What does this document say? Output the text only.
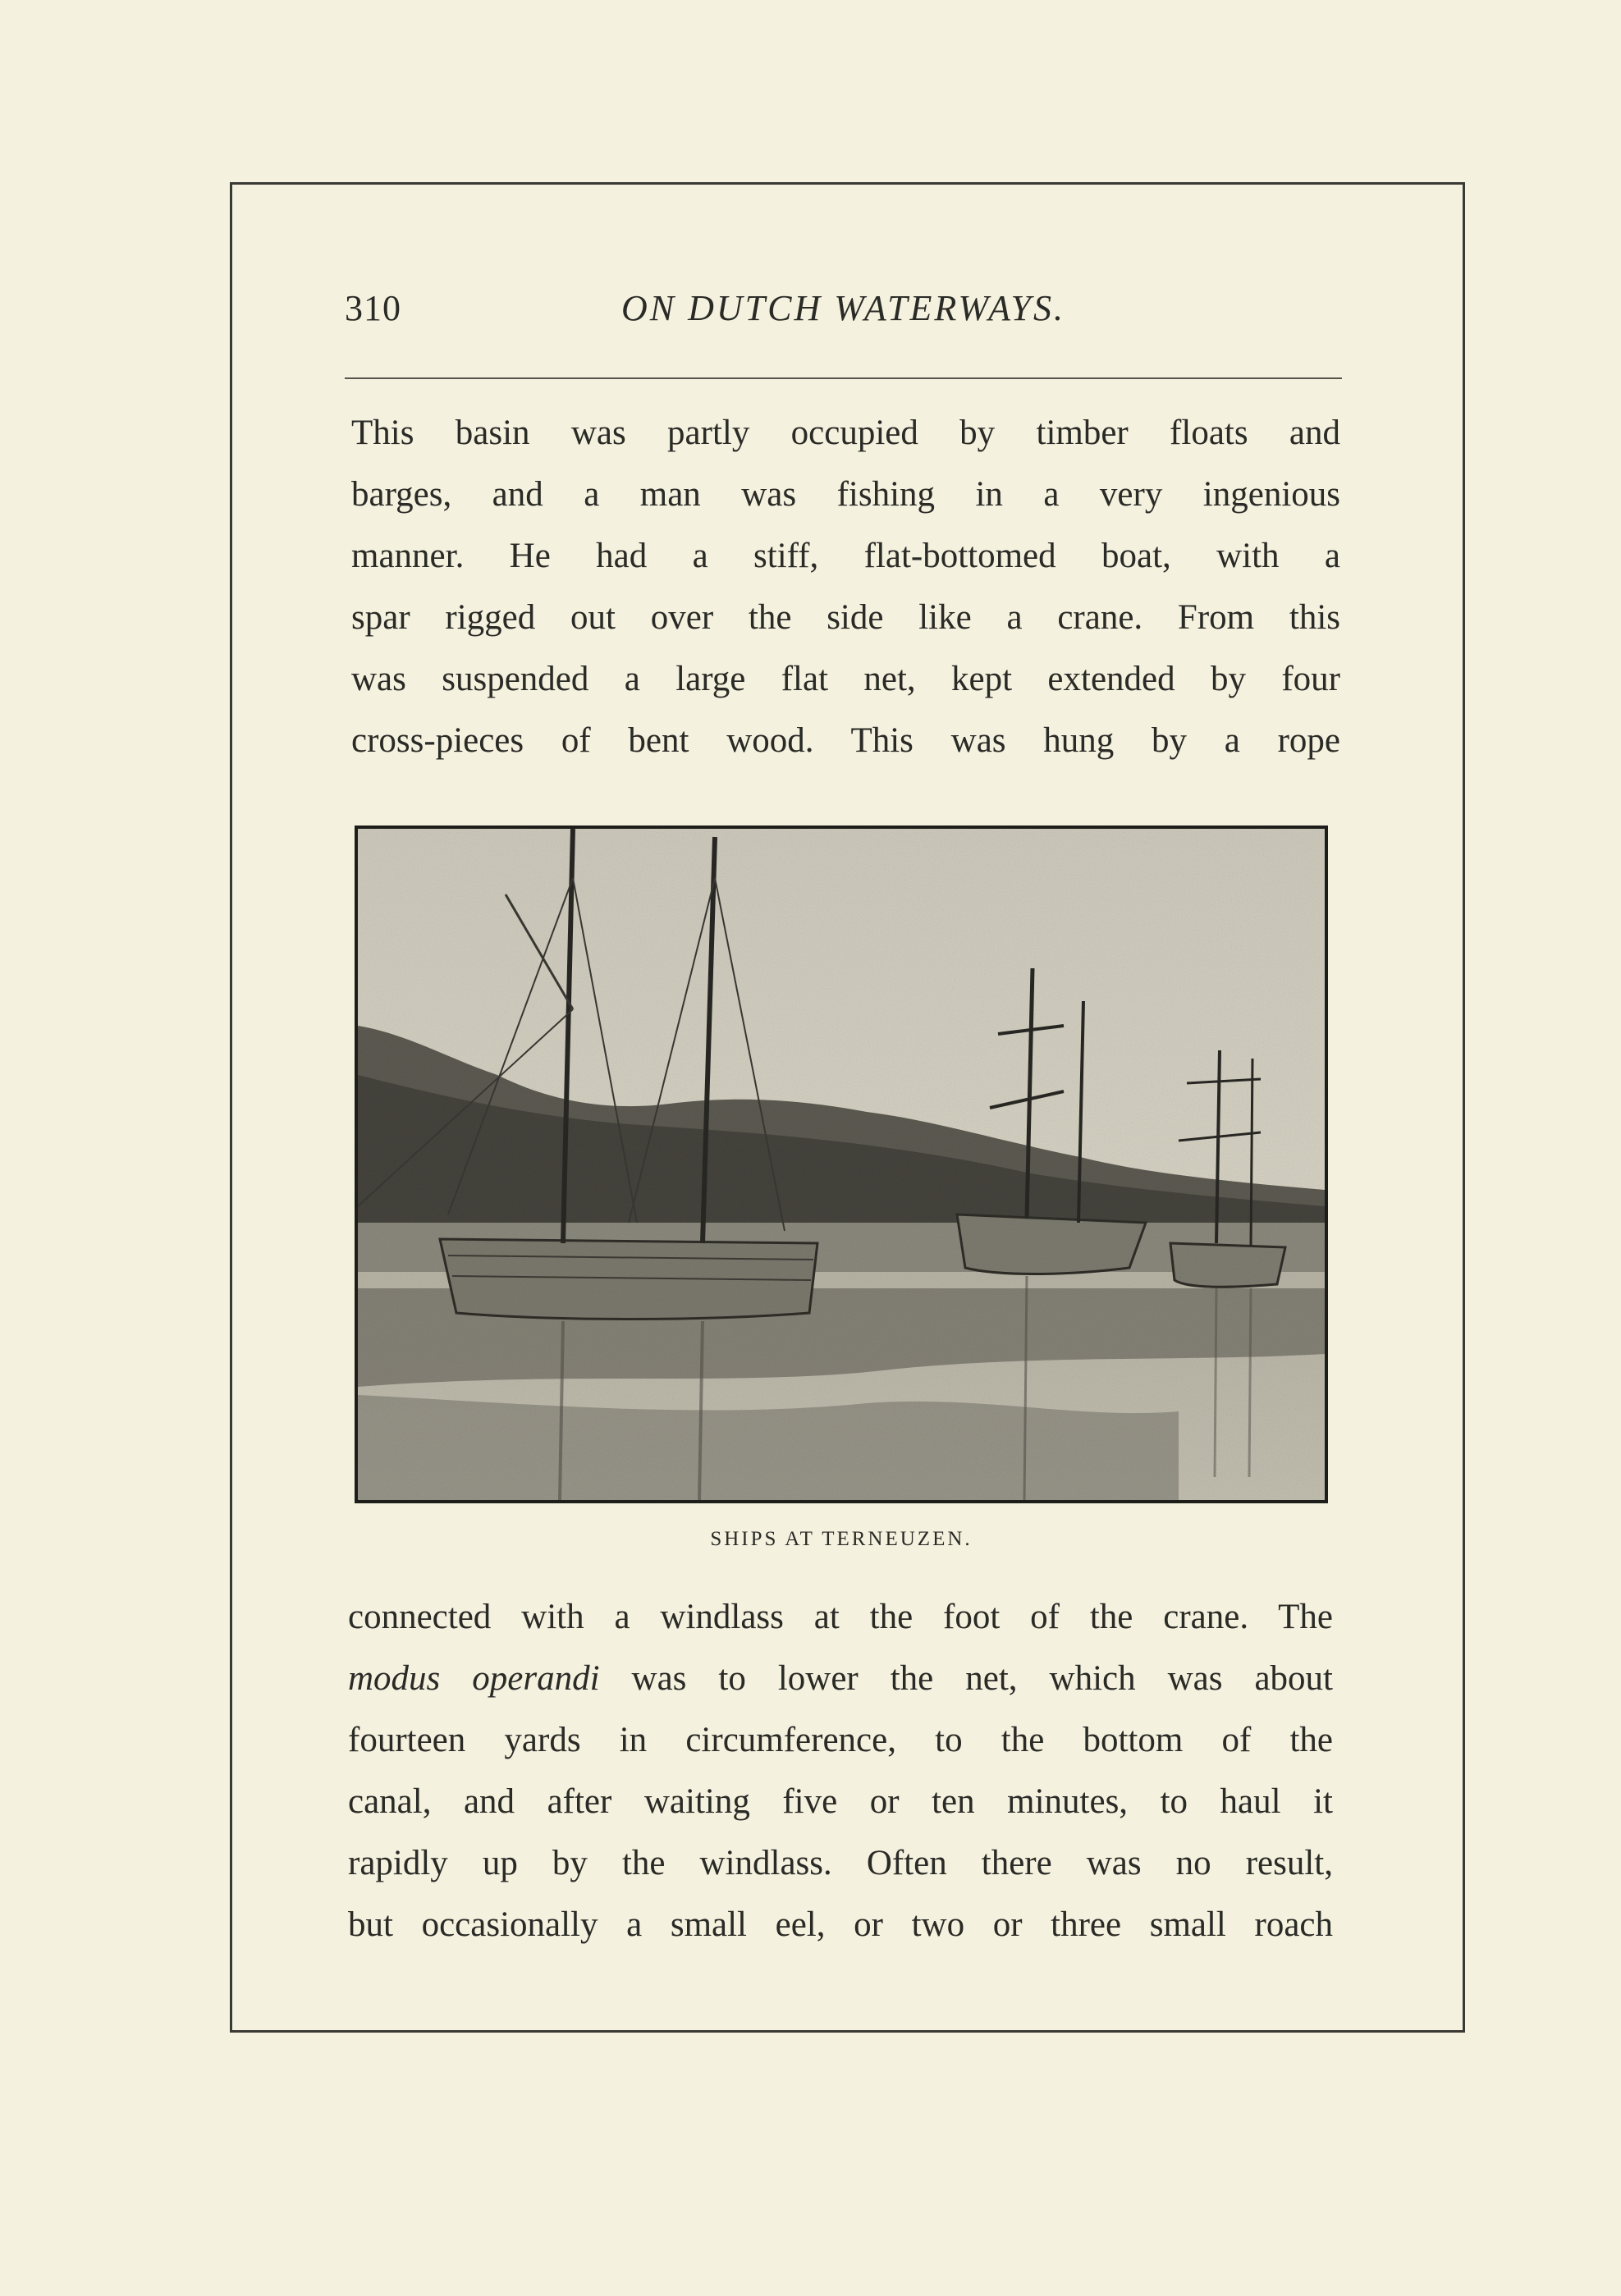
310	ON DUTCH WATERWAYS.
This basin was partly occupied by timber floats and
barges, and a man was fishing in a very ingenious
manner. He had a stiff, flat-bottomed boat, with a
spar rigged out over the side like a crane. From this
was suspended a large flat net, kept extended by four
cross-pieces of bent wood. This was hung by a rope
SHIPS AT TERNEUZEN.
connected with a windlass at the foot of the crane. The
modus operandi was to lower the net, which was about
fourteen yards in circumference, to the bottom of the
canal, and after waiting five or ten minutes, to haul it
rapidly up by the windlass. Often there was no result,
but occasionally a small eel, or two or three small roach
